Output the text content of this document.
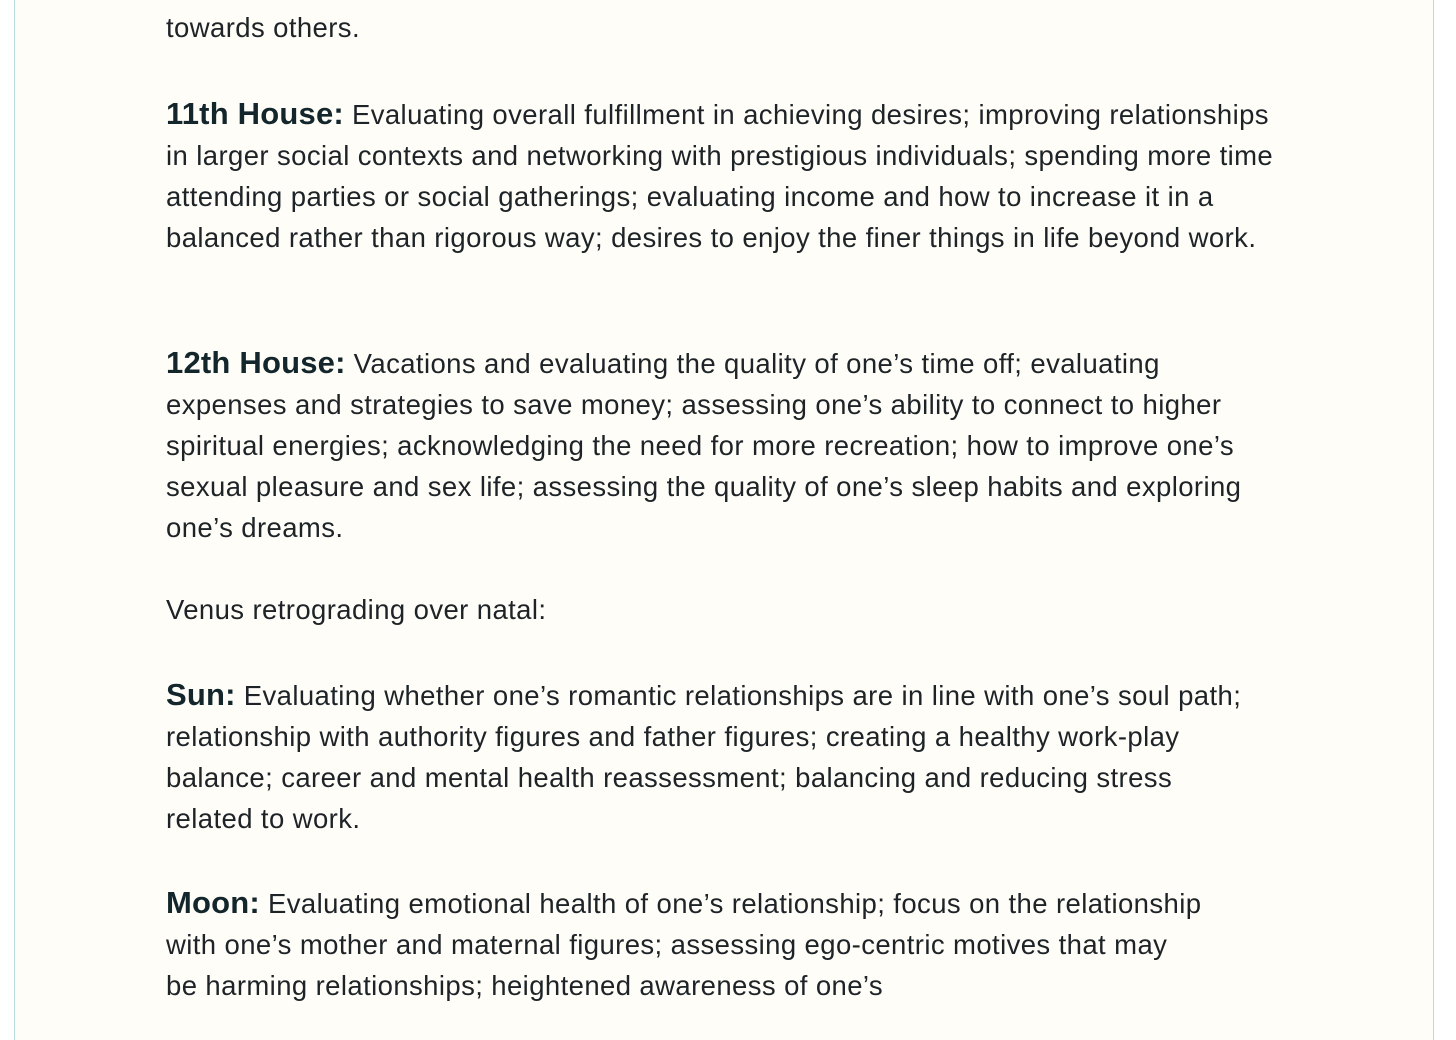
towards others.

11th House: Evaluating overall fulfillment in achieving desires; improving relationships in larger social contexts and networking with prestigious individuals; spending more time attending parties or social gatherings; evaluating income and how to increase it in a balanced rather than rigorous way; desires to enjoy the finer things in life beyond work.

12th House: Vacations and evaluating the quality of one’s time off; evaluating expenses and strategies to save money; assessing one’s ability to connect to higher spiritual energies; acknowledging the need for more recreation; how to improve one’s sexual pleasure and sex life; assessing the quality of one’s sleep habits and exploring one’s dreams.

Venus retrograding over natal:

Sun: Evaluating whether one’s romantic relationships are in line with one’s soul path; relationship with authority figures and father figures; creating a healthy work-play balance; career and mental health reassessment; balancing and reducing stress related to work.

Moon: Evaluating emotional health of one’s relationship; focus on the relationship with one’s mother and maternal figures; assessing ego-centric motives that may be harming relationships; heightened awareness of one’s
